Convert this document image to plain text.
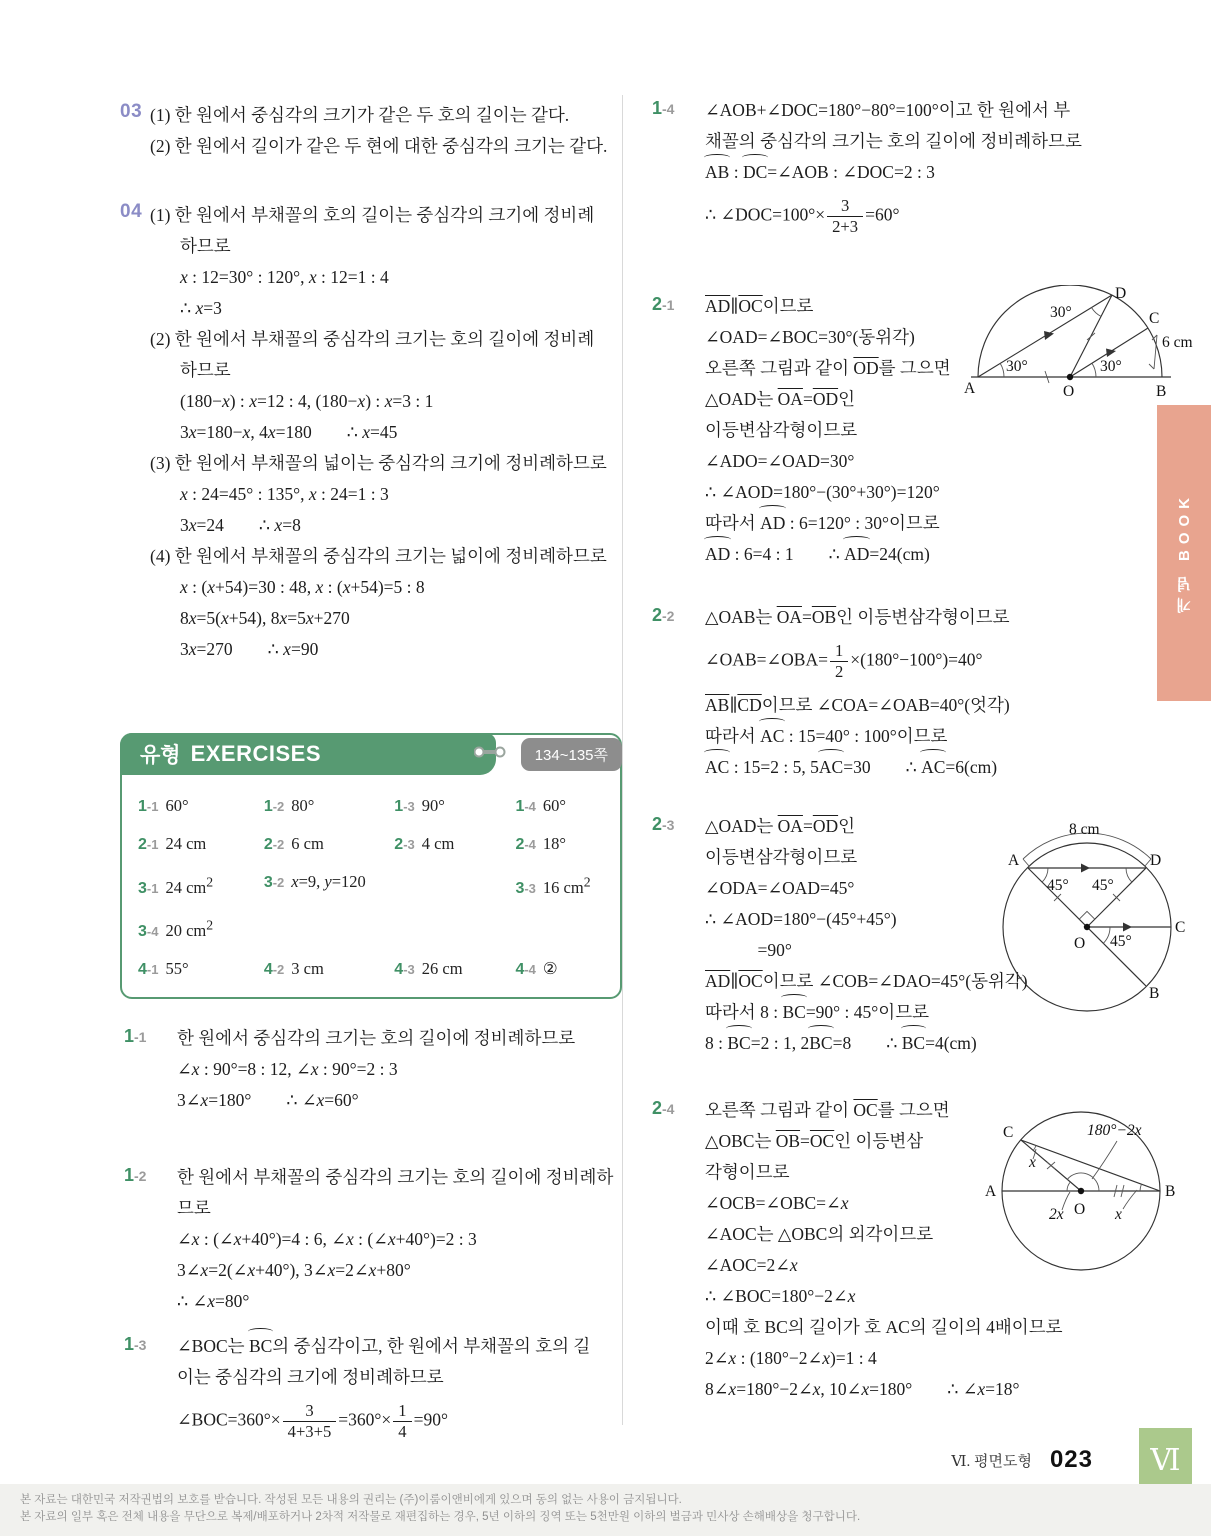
03 (1) 한 원에서 중심각의 크기가 같은 두 호의 길이는 같다.
(2) 한 원에서 길이가 같은 두 현에 대한 중심각의 크기는 같다.
04 (1) 한 원에서 부채꼴의 호의 길이는 중심각의 크기에 정비례
하므로
x : 12=30° : 120°, x : 12=1 : 4
∴ x=3
(2) 한 원에서 부채꼴의 중심각의 크기는 호의 길이에 정비례
하므로
(180−x) : x=12 : 4, (180−x) : x=3 : 1
3x=180−x, 4x=180  ∴ x=45
(3) 한 원에서 부채꼴의 넓이는 중심각의 크기에 정비례하므로
x : 24=45° : 135°, x : 24=1 : 3
3x=24  ∴ x=8
(4) 한 원에서 부채꼴의 중심각의 크기는 넓이에 정비례하므로
x : (x+54)=30 : 48, x : (x+54)=5 : 8
8x=5(x+54), 8x=5x+270
3x=270  ∴ x=90
유형 EXERCISES	134~135쪽
1-1 60°	1-2 80°	1-3 90°	1-4 60°
2-1 24 cm	2-2 6 cm	2-3 4 cm	2-4 18°
3-1 24 $cm^2$	3-2 x=9, y=120	3-3 16 $cm^2$
3-4 20 $cm^2$
4-1 55°	4-2 3 cm	4-3 26 cm	4-4 ②
1-1 한 원에서 중심각의 크기는 호의 길이에 정비례하므로
∠x : 90°=8 : 12, ∠x : 90°=2 : 3
3∠x=180°  ∴ ∠x=60°
1-2 한 원에서 부채꼴의 중심각의 크기는 호의 길이에 정비례하
므로
∠x : (∠x+40°)=4 : 6, ∠x : (∠x+40°)=2 : 3
3∠x=2(∠x+40°), 3∠x=2∠x+80°
∴ ∠x=80°
1-3 ∠BOC는 BC의 중심각이고, 한 원에서 부채꼴의 호의 길
이는 중심각의 크기에 정비례하므로
∠BOC=360°× $\frac{3}{4+3+5} =360^\circ\times \frac{1}{4} =90^\circ$
1-4 ∠AOB+∠DOC=180°−80°=100°이고 한 원에서 부
채꼴의 중심각의 크기는 호의 길이에 정비례하므로
AB : DC=∠AOB : ∠DOC=2 : 3
∴ ∠DOC=100°× $\frac{3}{2+3} =60^\circ$
2-1
A	O	B
D
C
30°	30°
30°
6 cm
$\overline{AD}\parallel\overline{OC}$이므로
∠OAD=∠BOC=30°(동위각)
오른쪽 그림과 같이 $\overline{OD}$를 그으면
△OAD는 $\overline{OA}=\overline{OD}$인
이등변삼각형이므로
∠ADO=∠OAD=30°
∴ ∠AOD=180°−(30°+30°)=120°
따라서 AD : 6=120° : 30°이므로
AD : 6=4 : 1  ∴ AD=24(cm)
2-2 △OAB는 $\overline{OA}=\overline{OB}$인 이등변삼각형이므로
∠OAB=∠OBA= $\frac{1}{2} \times(180^\circ-100^\circ)=40^\circ$
$\overline{AB}\parallel\overline{CD}$이므로 ∠COA=∠OAB=40°(엇각)
따라서 AC : 15=40° : 100°이므로
AC : 15=2 : 5, 5AC=30  ∴ AC=6(cm)
2-3
A	D
C
B
O
45° 45°
45°
8 cm
△OAD는 $\overline{OA}=\overline{OD}$인
이등변삼각형이므로
∠ODA=∠OAD=45°
∴ ∠AOD=180°−(45°+45°)
   =90°
$\overline{AD}\parallel\overline{OC}$이므로 ∠COB=∠DAO=45°(동위각)
따라서 8 : BC=90° : 45°이므로
8 : BC=2 : 1, 2BC=8  ∴ BC=4(cm)
2-4
C
A	B
O
180°−2x
x
2x	x
오른쪽 그림과 같이 $\overline{OC}$를 그으면
△OBC는 $\overline{OB}=\overline{OC}$인 이등변삼
각형이므로
∠OCB=∠OBC=∠x
∠AOC는 △OBC의 외각이므로
∠AOC=2∠x
∴ ∠BOC=180°−2∠x
이때 호 BC의 길이가 호 AC의 길이의 4배이므로
2∠x : (180°−2∠x)=1 : 4
8∠x=180°−2∠x, 10∠x=180°  ∴ ∠x=18°
개념 BOOK
Ⅵ
Ⅵ. 평면도형 023
본 자료는 대한민국 저작권법의 보호를 받습니다. 작성된 모든 내용의 권리는 (주)이룸이앤비에게 있으며 동의 없는 사용이 금지됩니다.
본 자료의 일부 혹은 전체 내용을 무단으로 복제/배포하거나 2차적 저작물로 재편집하는 경우, 5년 이하의 징역 또는 5천만원 이하의 벌금과 민사상 손해배상을 청구합니다.
